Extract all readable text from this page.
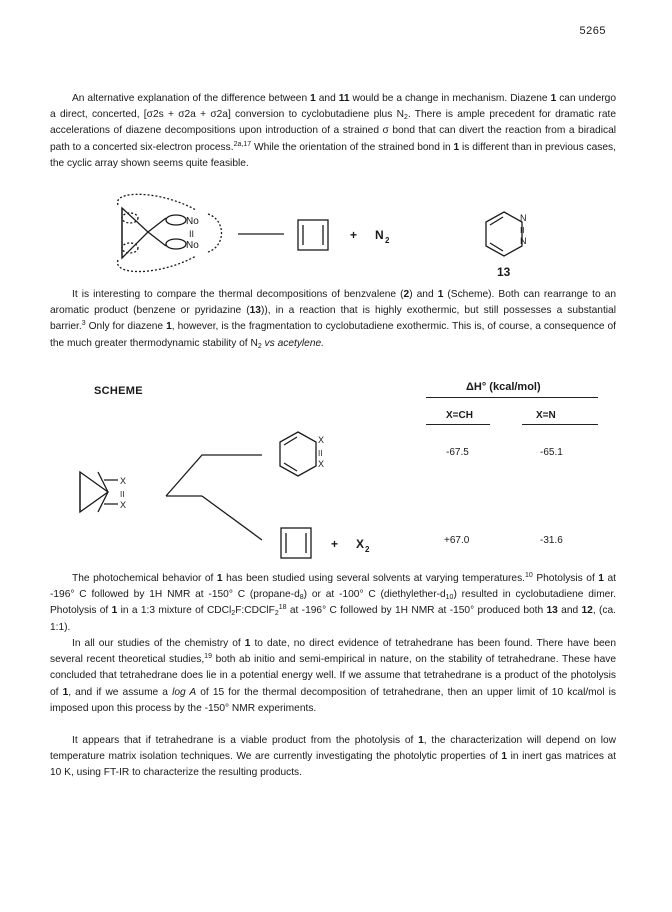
5265

An alternative explanation of the difference between 1 and 11 would be a change in mechanism. Diazene 1 can undergo a direct, concerted, [σ2s + σ2a + σ2a] conversion to cyclobutadiene plus $N_2$. There is ample precedent for dramatic rate accelerations of diazene decompositions upon introduction of a strained σ bond that can divert the reaction from a biradical path to a concerted six-electron process.$^{2a,17}$ While the orientation of the strained bond in 1 is different than in previous cases, the cyclic array shown seems quite feasible.

It is interesting to compare the thermal decompositions of benzvalene (2) and 1 (Scheme). Both can rearrange to an aromatic product (benzene or pyridazine (13)), in a reaction that is highly exothermic, but still possesses a substantial barrier.$^3$ Only for diazene 1, however, is the fragmentation to cyclobutadiene exothermic. This is, of course, a consequence of the much greater thermodynamic stability of $N_2$ vs acetylene.

SCHEME	ΔH° (kcal/mol)
X=CH	X=N
-67.5	-65.1
+67.0	-31.6

The photochemical behavior of 1 has been studied using several solvents at varying temperatures.$^{10}$ Photolysis of 1 at -196° C followed by 1H NMR at -150° C $(propane-d_8)$ or at -100° C $(diethylether-d_{10})$ resulted in cyclobutadiene dimer. Photolysis of 1 in a 1:3 mixture of CDCl$_2$F:CDClF$_2^{18}$ at -196° C followed by 1H NMR at -150° produced both 13 and 12, (ca. 1:1).

In all our studies of the chemistry of 1 to date, no direct evidence of tetrahedrane has been found. There have been several recent theoretical studies,$^{19}$ both ab initio and semi-empirical in nature, on the stability of tetrahedrane. These have concluded that tetrahedrane does lie in a potential energy well. If we assume that tetrahedrane is a product of the photolysis of 1, and if we assume a log A of 15 for the thermal decomposition of tetrahedrane, then an upper limit of 10 kcal/mol is imposed upon this process by the -150° NMR experiments.

It appears that if tetrahedrane is a viable product from the photolysis of 1, the characterization will depend on low temperature matrix isolation techniques. We are currently investigating the photolytic properties of 1 in inert gas matrices at 10 K, using FT-IR to characterize the resulting products.

No
No
II	+ N 2
N
N
II
13
X
II
X
X
II
X
+ X 2
